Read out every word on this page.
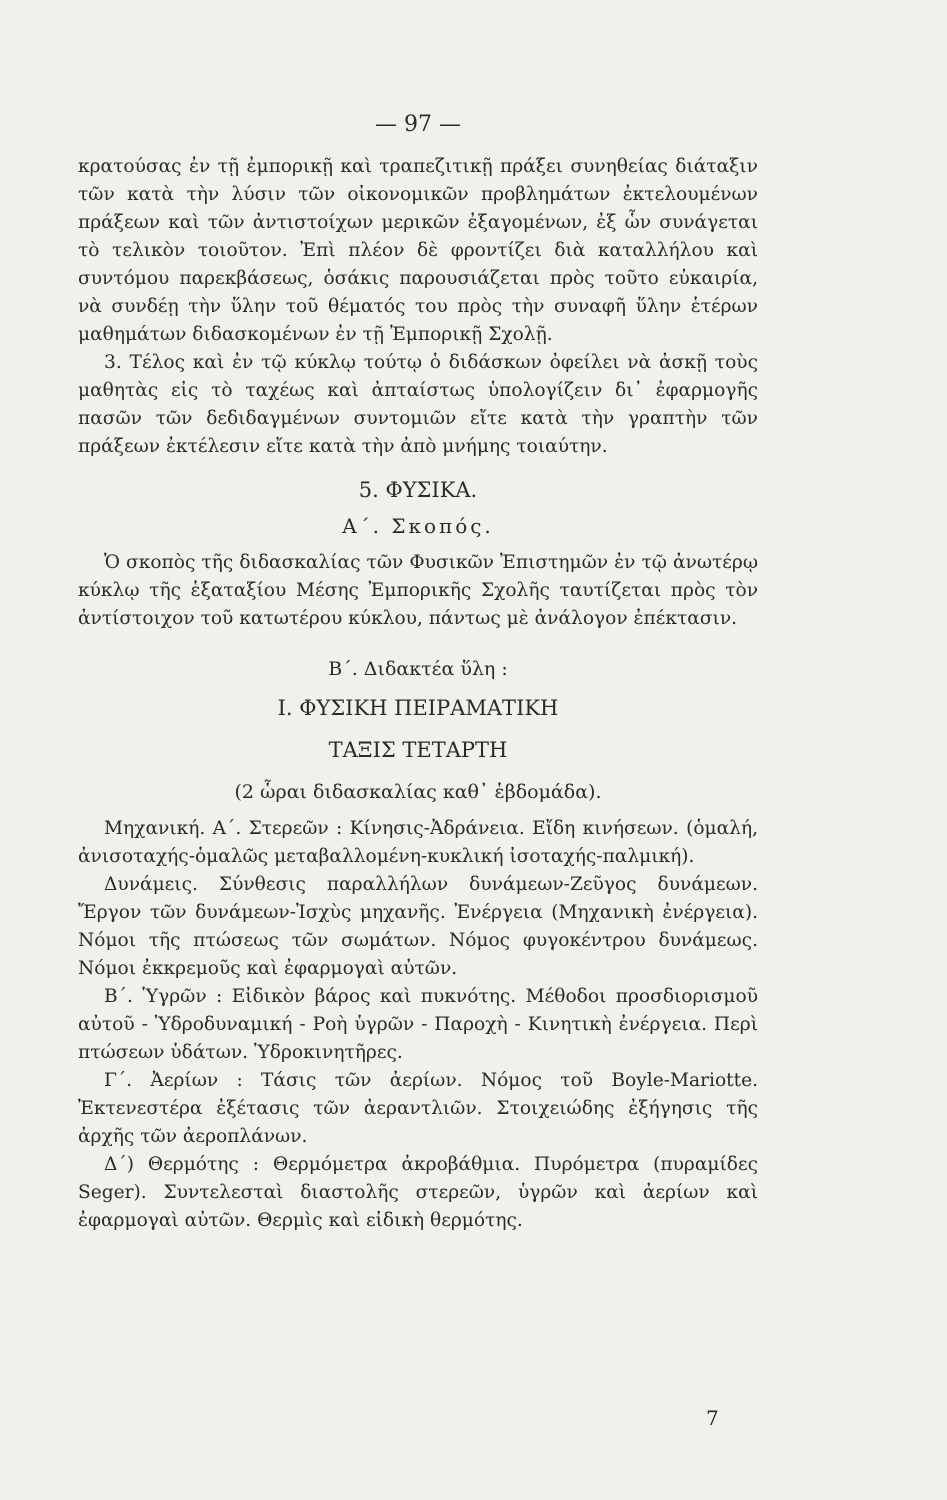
— 97 —

κρατούσας ἐν τῇ ἐμπορικῇ καὶ τραπεζιτικῇ πράξει συνηθείας διάταξιν τῶν κατὰ τὴν λύσιν τῶν οἰκονομικῶν προβλημάτων ἐκτελουμένων πράξεων καὶ τῶν ἀντιστοίχων μερικῶν ἐξαγομένων, ἐξ ὧν συνάγεται τὸ τελικὸν τοιοῦτον. Ἐπὶ πλέον δὲ φροντίζει διὰ καταλλήλου καὶ συντόμου παρεκβάσεως, ὁσάκις παρουσιάζεται πρὸς τοῦτο εὐκαιρία, νὰ συνδέῃ τὴν ὕλην τοῦ θέματός του πρὸς τὴν συναφῆ ὕλην ἑτέρων μαθημάτων διδασκομένων ἐν τῇ Ἐμπορικῇ Σχολῇ.

3. Τέλος καὶ ἐν τῷ κύκλῳ τούτῳ ὁ διδάσκων ὀφείλει νὰ ἀσκῇ τοὺς μαθητὰς εἰς τὸ ταχέως καὶ ἀπταίστως ὑπολογίζειν δι᾽ ἐφαρμογῆς πασῶν τῶν δεδιδαγμένων συντομιῶν εἴτε κατὰ τὴν γραπτὴν τῶν πράξεων ἐκτέλεσιν εἴτε κατὰ τὴν ἀπὸ μνήμης τοιαύτην.

5. ΦΥΣΙΚΑ.
Α΄. Σκοπός.

Ὁ σκοπὸς τῆς διδασκαλίας τῶν Φυσικῶν Ἐπιστημῶν ἐν τῷ ἀνωτέρῳ κύκλῳ τῆς ἑξαταξίου Μέσης Ἐμπορικῆς Σχολῆς ταυτίζεται πρὸς τὸν ἀντίστοιχον τοῦ κατωτέρου κύκλου, πάντως μὲ ἀνάλογον ἐπέκτασιν.

Β΄. Διδακτέα ὕλη :
Ι. ΦΥΣΙΚΗ ΠΕΙΡΑΜΑΤΙΚΗ
ΤΑΞΙΣ ΤΕΤΑΡΤΗ
(2 ὧραι διδασκαλίας καθ᾽ ἑβδομάδα).

Μηχανική. Α΄. Στερεῶν : Κίνησις-Ἀδράνεια. Εἴδη κινήσεων. (ὁμαλή, ἀνισοταχής-ὁμαλῶς μεταβαλλομένη-κυκλική ἰσοταχής-παλμική).

Δυνάμεις. Σύνθεσις παραλλήλων δυνάμεων-Ζεῦγος δυνάμεων. Ἔργον τῶν δυνάμεων-Ἰσχὺς μηχανῆς. Ἐνέργεια (Μηχανικὴ ἐνέργεια). Νόμοι τῆς πτώσεως τῶν σωμάτων. Νόμος φυγοκέντρου δυνάμεως. Νόμοι ἐκκρεμοῦς καὶ ἐφαρμογαὶ αὐτῶν.

Β΄. Ὑγρῶν : Εἰδικὸν βάρος καὶ πυκνότης. Μέθοδοι προσδιορισμοῦ αὐτοῦ - Ὑδροδυναμική - Ροὴ ὑγρῶν - Παροχὴ - Κινητικὴ ἐνέργεια. Περὶ πτώσεων ὑδάτων. Ὑδροκινητῆρες.

Γ΄. Ἀερίων : Τάσις τῶν ἀερίων. Νόμος τοῦ Boyle-Mariotte. Ἐκτενεστέρα ἐξέτασις τῶν ἀεραντλιῶν. Στοιχειώδης ἐξήγησις τῆς ἀρχῆς τῶν ἀεροπλάνων.

Δ΄) Θερμότης : Θερμόμετρα ἀκροβάθμια. Πυρόμετρα (πυραμίδες Seger). Συντελεσταὶ διαστολῆς στερεῶν, ὑγρῶν καὶ ἀερίων καὶ ἐφαρμογαὶ αὐτῶν. Θερμὶς καὶ εἰδικὴ θερμότης.

7
